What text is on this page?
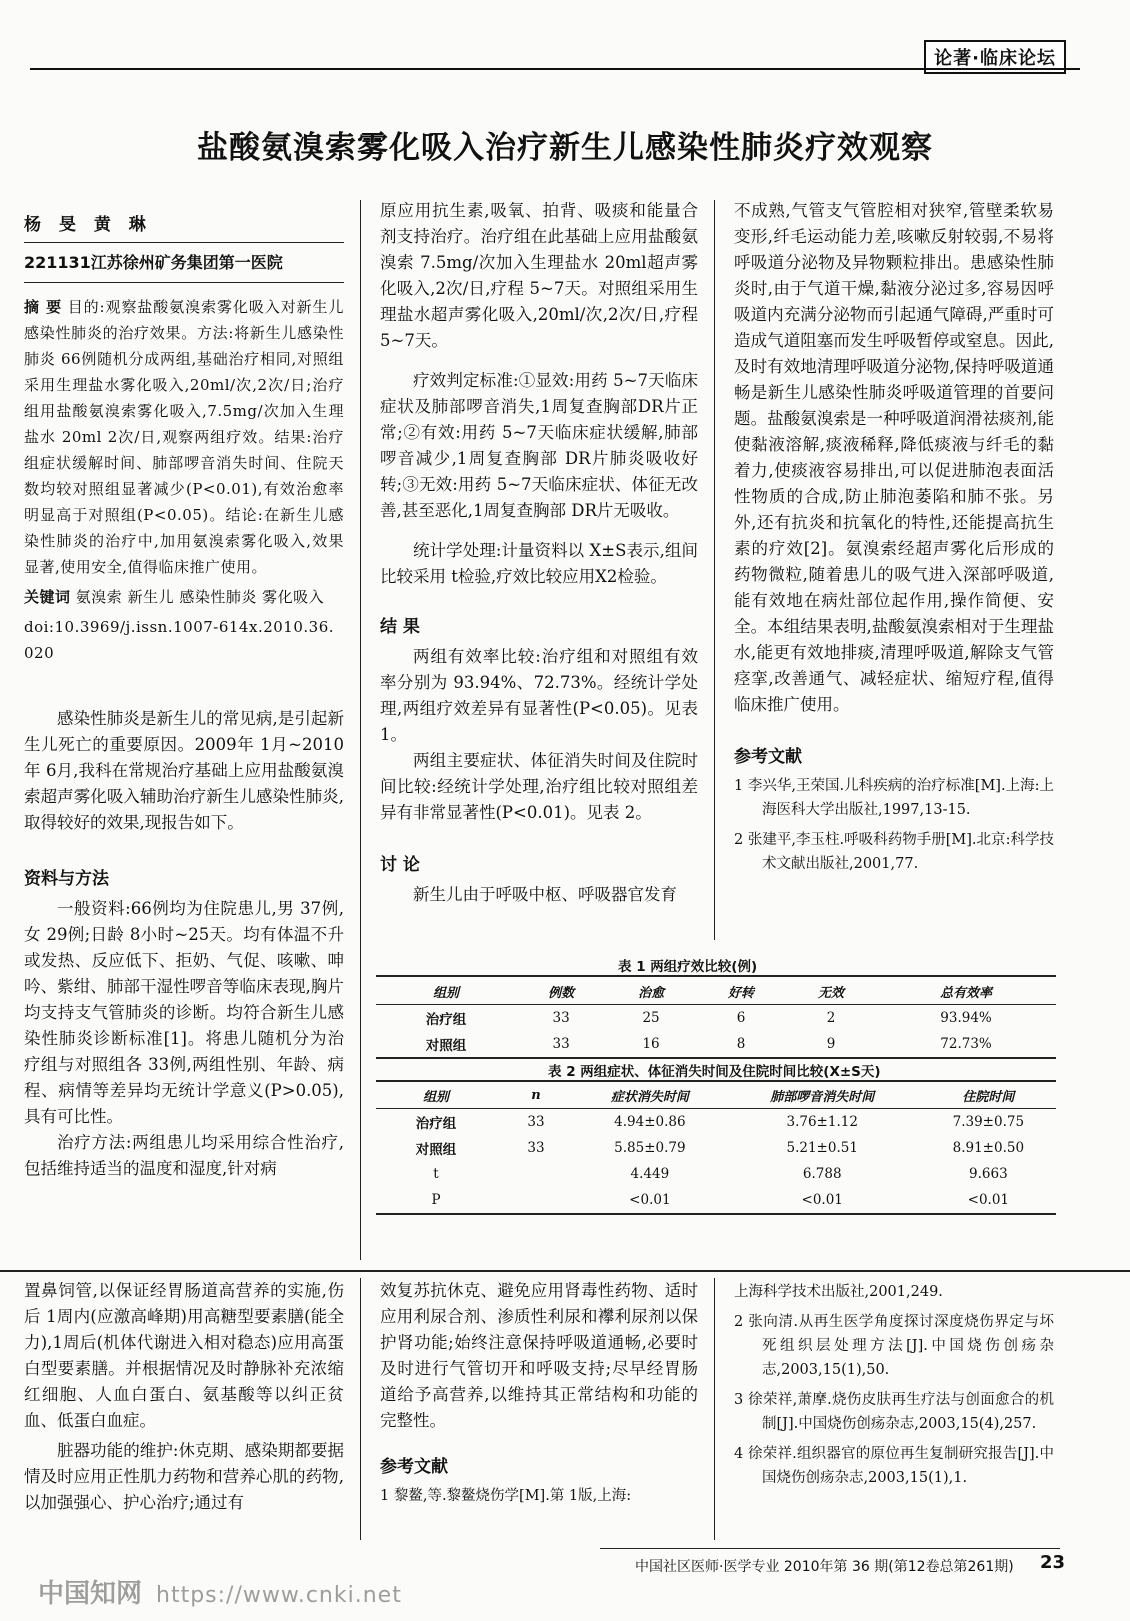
论著·临床论坛
盐酸氨溴索雾化吸入治疗新生儿感染性肺炎疗效观察
杨 旻 黄 琳
221131江苏徐州矿务集团第一医院
摘 要 目的:观察盐酸氨溴索雾化吸入对新生儿感染性肺炎的治疗效果。方法:将新生儿感染性肺炎 66例随机分成两组,基础治疗相同,对照组采用生理盐水雾化吸入,20ml/次,2次/日;治疗组用盐酸氨溴索雾化吸入,7.5mg/次加入生理盐水 20ml 2次/日,观察两组疗效。结果:治疗组症状缓解时间、肺部啰音消失时间、住院天数均较对照组显著减少(P<0.01),有效治愈率明显高于对照组(P<0.05)。结论:在新生儿感染性肺炎的治疗中,加用氨溴索雾化吸入,效果显著,使用安全,值得临床推广使用。
关键词 氨溴索 新生儿 感染性肺炎 雾化吸入
doi:10.3969/j.issn.1007-614x.2010.36.020

感染性肺炎是新生儿的常见病,是引起新生儿死亡的重要原因。2009年 1月~2010年 6月,我科在常规治疗基础上应用盐酸氨溴索超声雾化吸入辅助治疗新生儿感染性肺炎,取得较好的效果,现报告如下。

资料与方法

一般资料:66例均为住院患儿,男 37例,女 29例;日龄 8小时~25天。均有体温不升或发热、反应低下、拒奶、气促、咳嗽、呻吟、紫绀、肺部干湿性啰音等临床表现,胸片均支持支气管肺炎的诊断。均符合新生儿感染性肺炎诊断标准[1]。将患儿随机分为治疗组与对照组各 33例,两组性别、年龄、病程、病情等差异均无统计学意义(P>0.05),具有可比性。

治疗方法:两组患儿均采用综合性治疗,包括维持适当的温度和湿度,针对病

原应用抗生素,吸氧、拍背、吸痰和能量合剂支持治疗。治疗组在此基础上应用盐酸氨溴索 7.5mg/次加入生理盐水 20ml超声雾化吸入,2次/日,疗程 5~7天。对照组采用生理盐水超声雾化吸入,20ml/次,2次/日,疗程 5~7天。

疗效判定标准:①显效:用药 5~7天临床症状及肺部啰音消失,1周复查胸部DR片正常;②有效:用药 5~7天临床症状缓解,肺部啰音减少,1周复查胸部 DR片肺炎吸收好转;③无效:用药 5~7天临床症状、体征无改善,甚至恶化,1周复查胸部 DR片无吸收。

统计学处理:计量资料以 X±S表示,组间比较采用 t检验,疗效比较应用X2检验。

结 果

两组有效率比较:治疗组和对照组有效率分别为 93.94%、72.73%。经统计学处理,两组疗效差异有显著性(P<0.05)。见表 1。

两组主要症状、体征消失时间及住院时间比较:经统计学处理,治疗组比较对照组差异有非常显著性(P<0.01)。见表 2。

讨 论

新生儿由于呼吸中枢、呼吸器官发育

不成熟,气管支气管腔相对狭窄,管壁柔软易变形,纤毛运动能力差,咳嗽反射较弱,不易将呼吸道分泌物及异物颗粒排出。患感染性肺炎时,由于气道干燥,黏液分泌过多,容易因呼吸道内充满分泌物而引起通气障碍,严重时可造成气道阻塞而发生呼吸暂停或窒息。因此,及时有效地清理呼吸道分泌物,保持呼吸道通畅是新生儿感染性肺炎呼吸道管理的首要问题。盐酸氨溴索是一种呼吸道润滑祛痰剂,能使黏液溶解,痰液稀释,降低痰液与纤毛的黏着力,使痰液容易排出,可以促进肺泡表面活性物质的合成,防止肺泡萎陷和肺不张。另外,还有抗炎和抗氧化的特性,还能提高抗生素的疗效[2]。氨溴索经超声雾化后形成的药物微粒,随着患儿的吸气进入深部呼吸道,能有效地在病灶部位起作用,操作简便、安全。本组结果表明,盐酸氨溴索相对于生理盐水,能更有效地排痰,清理呼吸道,解除支气管痉挛,改善通气、减轻症状、缩短疗程,值得临床推广使用。

参考文献

1 李兴华,王荣国.儿科疾病的治疗标准[M].上海:上海医科大学出版社,1997,13-15.

2 张建平,李玉柱.呼吸科药物手册[M].北京:科学技术文献出版社,2001,77.

表 1 两组疗效比较(例)
组别	例数	治愈	好转	无效	总有效率
治疗组	33	25	6	2	93.94%
对照组	33	16	8	9	72.73%
表 2 两组症状、体征消失时间及住院时间比较(X±S天)
组别	n	症状消失时间	肺部啰音消失时间	住院时间
治疗组	33	4.94±0.86	3.76±1.12	7.39±0.75
对照组	33	5.85±0.79	5.21±0.51	8.91±0.50
t		4.449	6.788	9.663
P		<0.01	<0.01	<0.01

置鼻饲管,以保证经胃肠道高营养的实施,伤后 1周内(应激高峰期)用高糖型要素膳(能全力),1周后(机体代谢进入相对稳态)应用高蛋白型要素膳。并根据情况及时静脉补充浓缩红细胞、人血白蛋白、氨基酸等以纠正贫血、低蛋白血症。

脏器功能的维护:休克期、感染期都要据情及时应用正性肌力药物和营养心肌的药物,以加强强心、护心治疗;通过有

效复苏抗休克、避免应用肾毒性药物、适时应用利尿合剂、渗质性利尿和襻利尿剂以保护肾功能;始终注意保持呼吸道通畅,必要时及时进行气管切开和呼吸支持;尽早经胃肠道给予高营养,以维持其正常结构和功能的完整性。

参考文献

1 黎鳌,等.黎鳌烧伤学[M].第 1版,上海:

上海科学技术出版社,2001,249.

2 张向清.从再生医学角度探讨深度烧伤界定与坏死组织层处理方法[J].中国烧伤创疡杂志,2003,15(1),50.

3 徐荣祥,萧摩.烧伤皮肤再生疗法与创面愈合的机制[J].中国烧伤创疡杂志,2003,15(4),257.

4 徐荣祥.组织器官的原位再生复制研究报告[J].中国烧伤创疡杂志,2003,15(1),1.

中国社区医师·医学专业 2010年第 36 期(第12卷总第261期) 23
中国知网 https://www.cnki.net
